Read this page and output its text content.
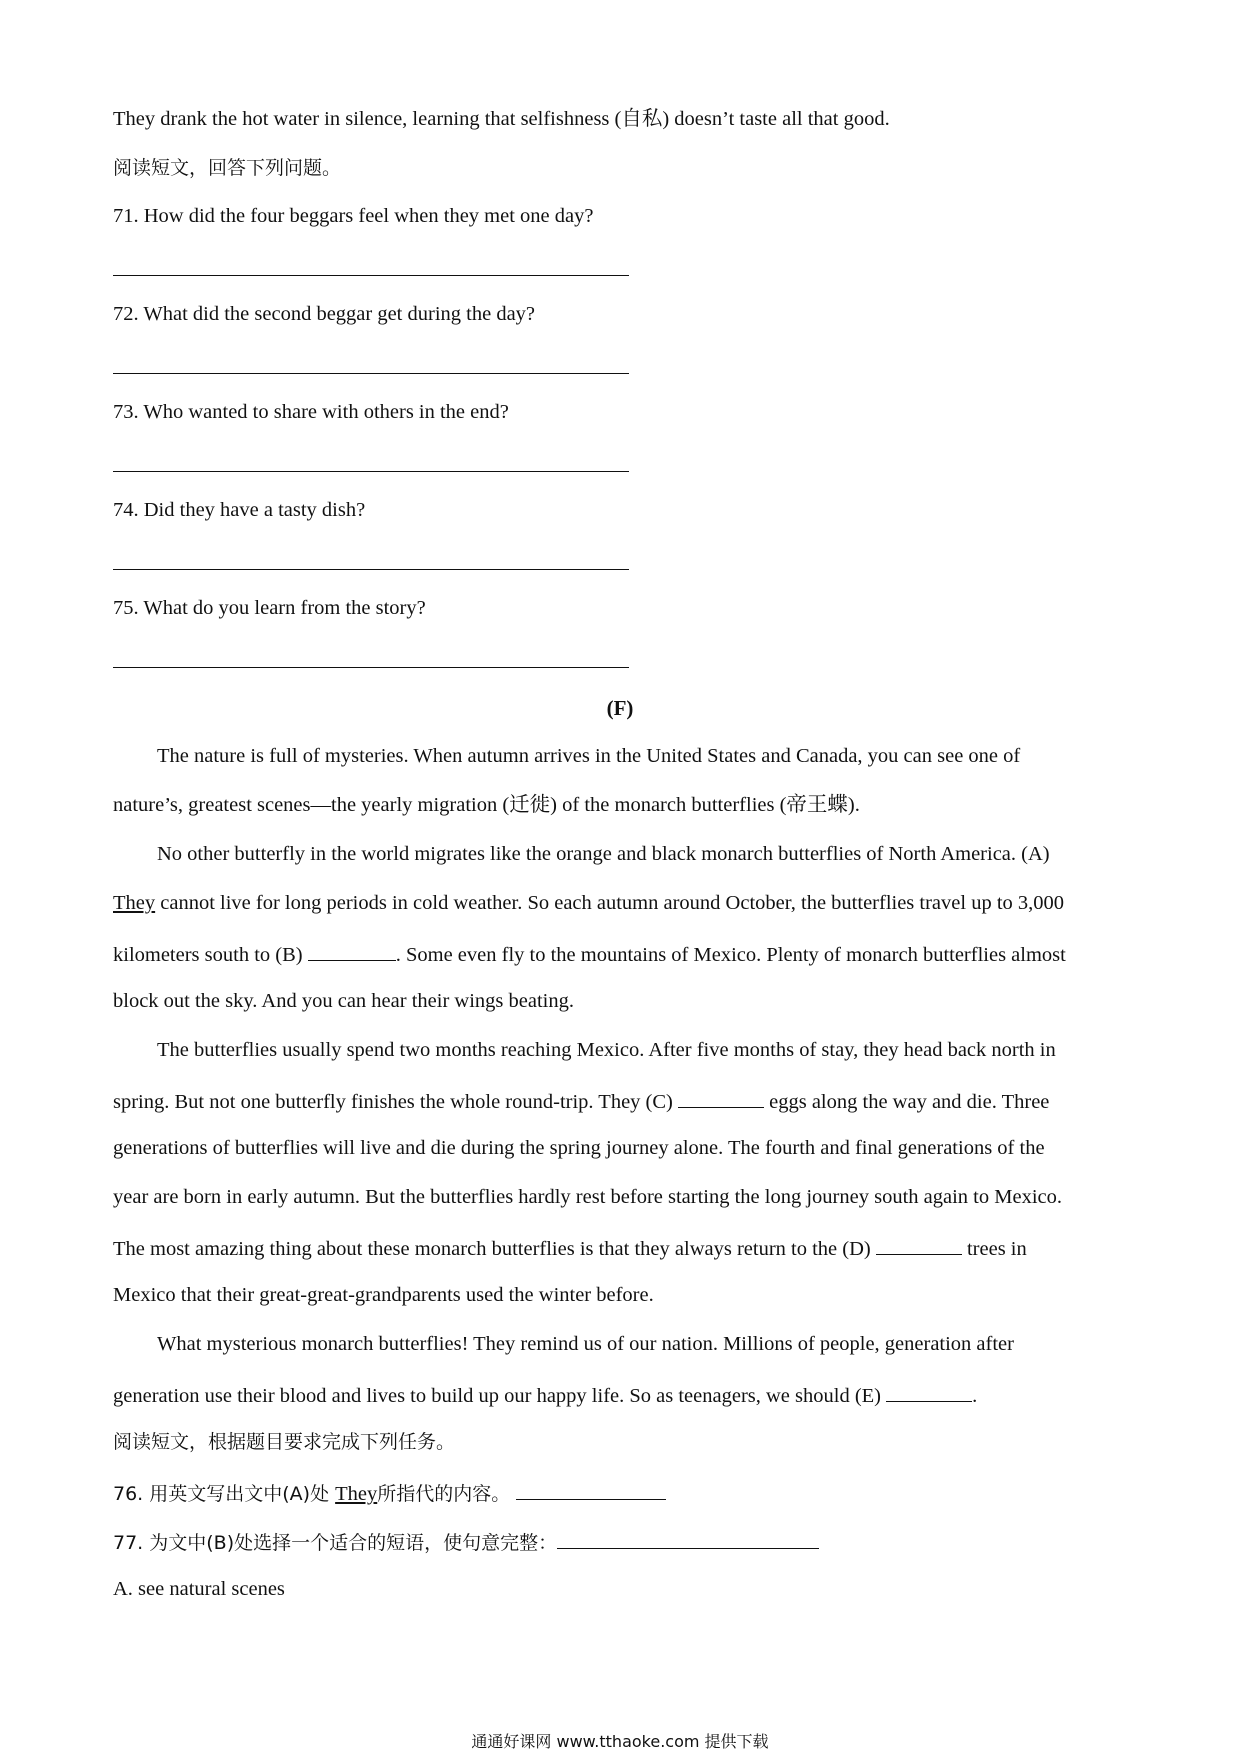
They drank the hot water in silence, learning that selfishness (自私) doesn’t taste all that good.
阅读短文，回答下列问题。
71. How did the four beggars feel when they met one day?
72. What did the second beggar get during the day?
73. Who wanted to share with others in the end?
74. Did they have a tasty dish?
75. What do you learn from the story?
(F)
The nature is full of mysteries. When autumn arrives in the United States and Canada, you can see one of
nature’s, greatest scenes—the yearly migration (迁徙) of the monarch butterflies (帝王蝶).
No other butterfly in the world migrates like the orange and black monarch butterflies of North America. (A)
They cannot live for long periods in cold weather. So each autumn around October, the butterflies travel up to 3,000
kilometers south to (B)	. Some even fly to the mountains of Mexico. Plenty of monarch butterflies almost
block out the sky. And you can hear their wings beating.
The butterflies usually spend two months reaching Mexico. After five months of stay, they head back north in
spring. But not one butterfly finishes the whole round-trip. They (C)	eggs along the way and die. Three
generations of butterflies will live and die during the spring journey alone. The fourth and final generations of the
year are born in early autumn. But the butterflies hardly rest before starting the long journey south again to Mexico.
The most amazing thing about these monarch butterflies is that they always return to the (D)	trees in
Mexico that their great-great-grandparents used the winter before.
What mysterious monarch butterflies! They remind us of our nation. Millions of people, generation after
generation use their blood and lives to build up our happy life. So as teenagers, we should (E)	.
阅读短文，根据题目要求完成下列任务。
76. 用英文写出文中(A)处 They所指代的内容。
77. 为文中(B)处选择一个适合的短语，使句意完整：
A. see natural scenes
通通好课网 www.tthaoke.com 提供下载
